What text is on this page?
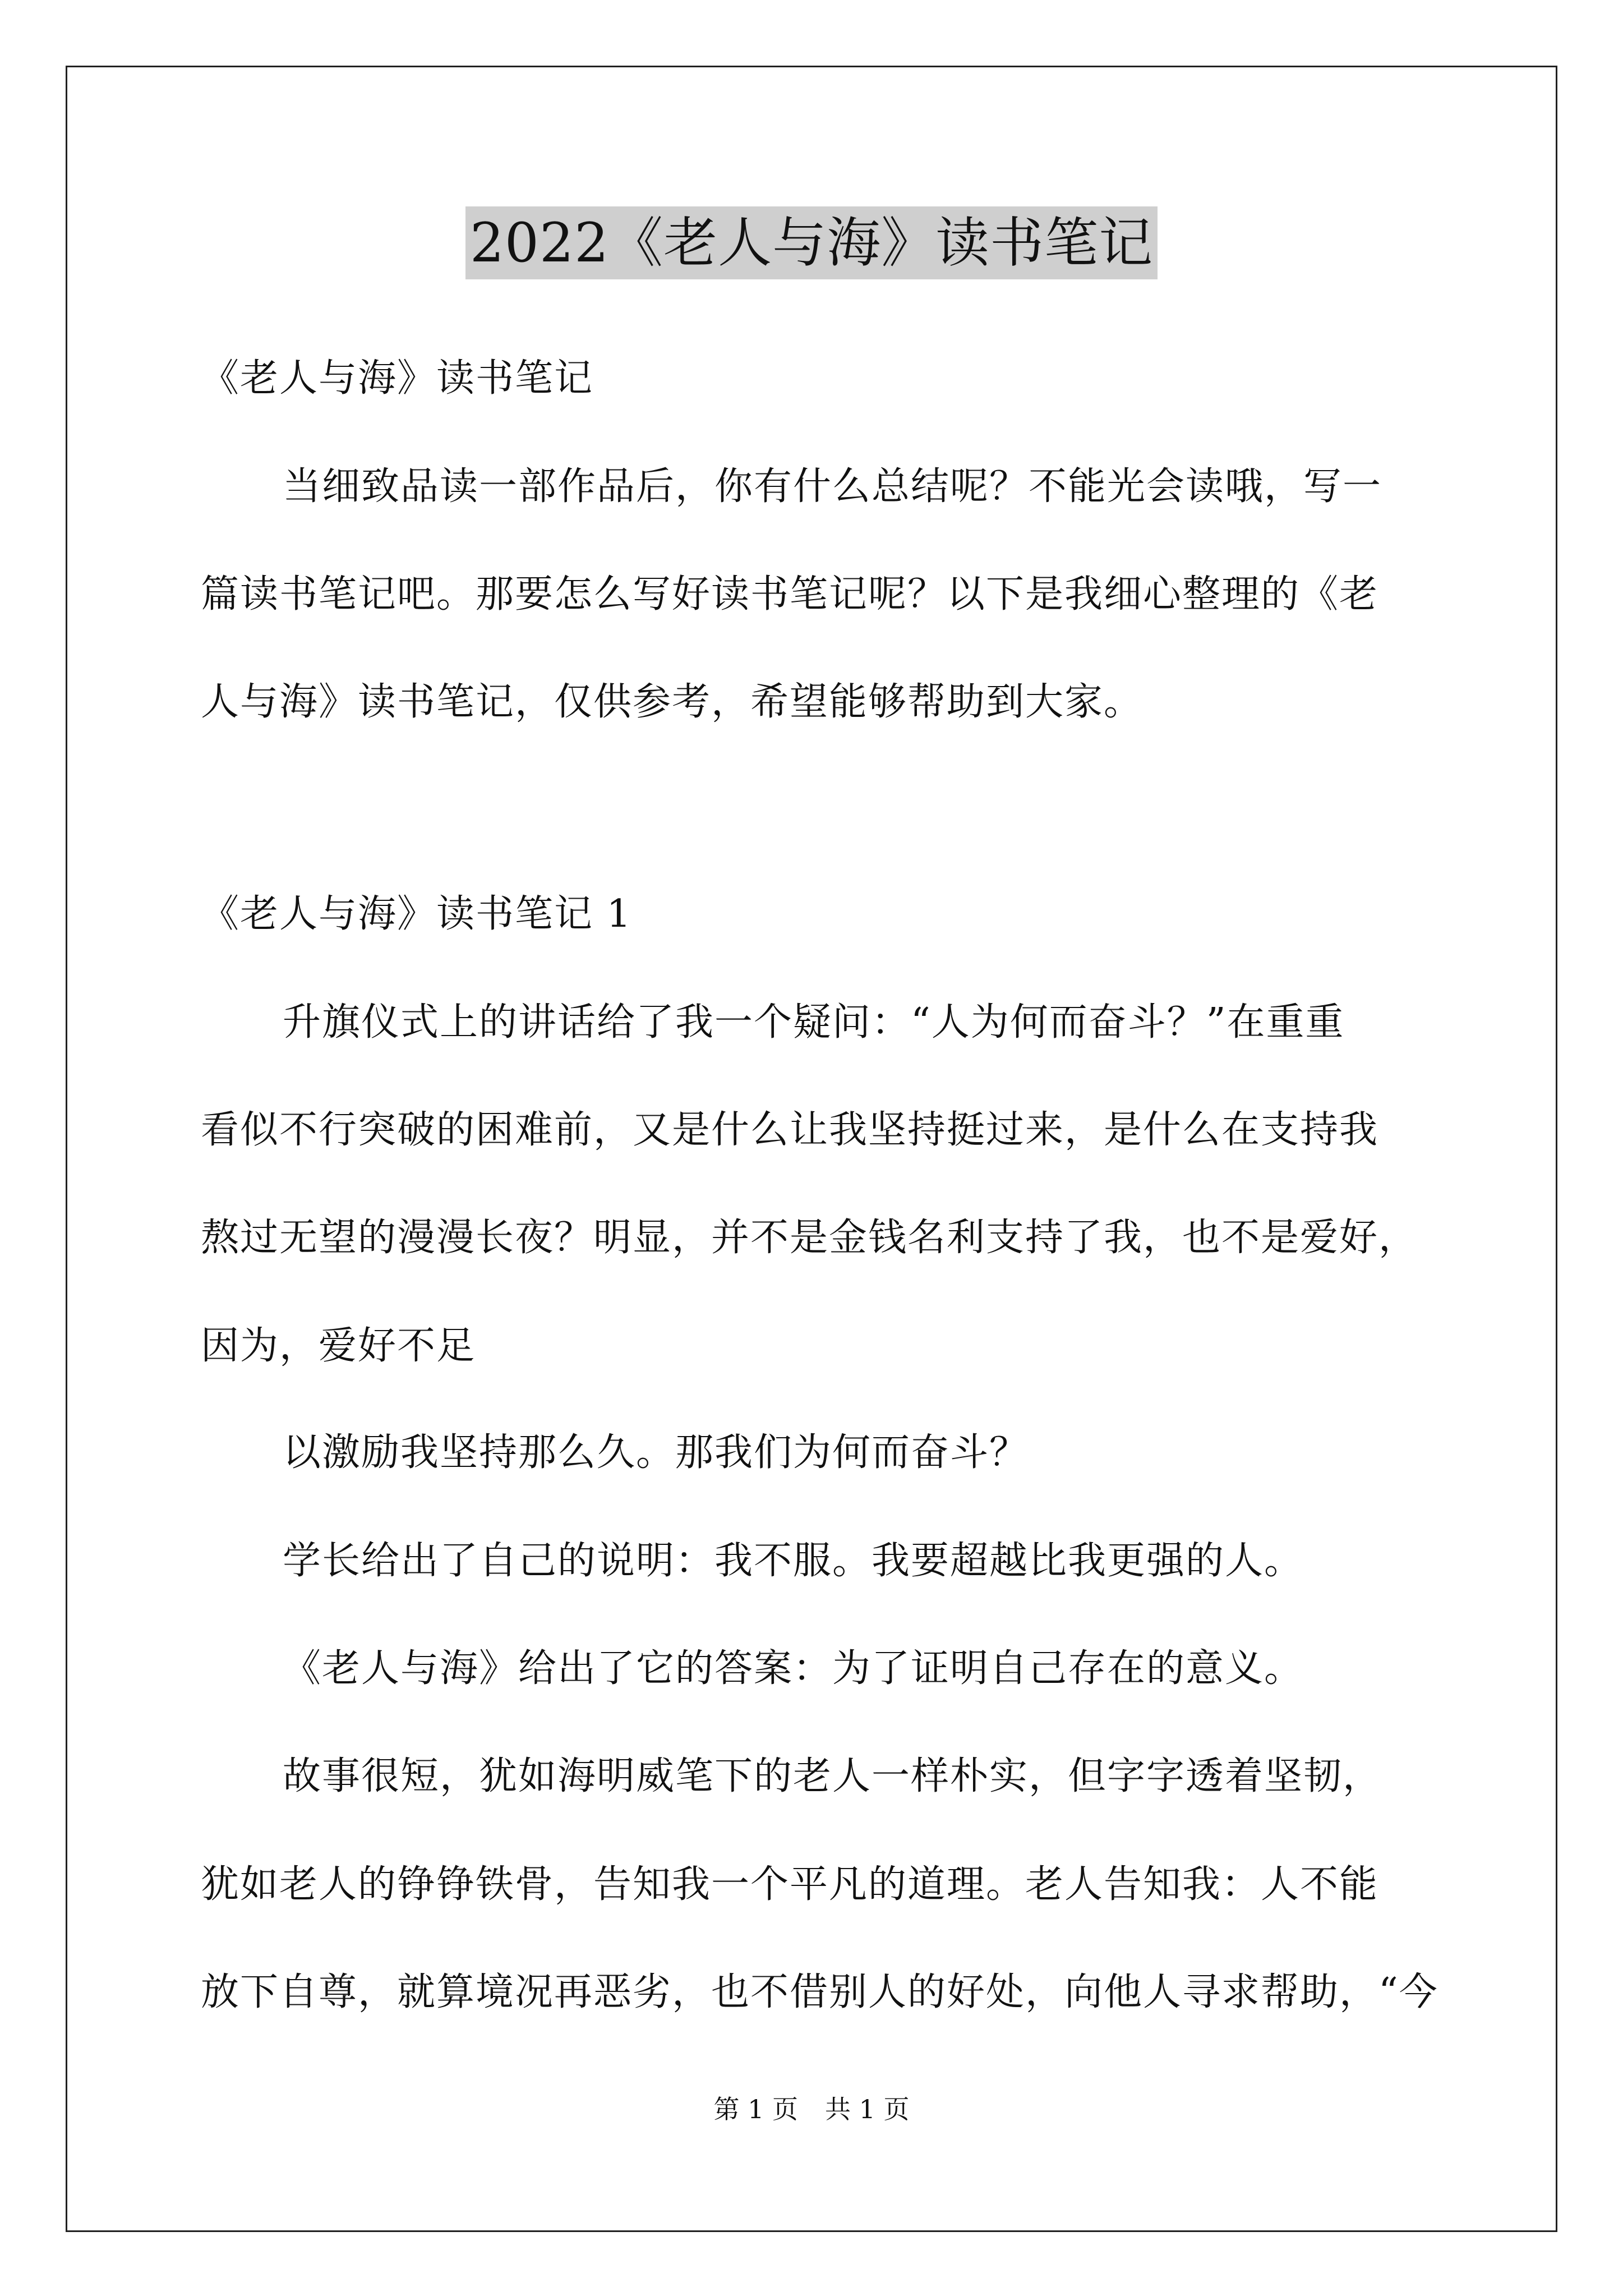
2022《老人与海》读书笔记
《老人与海》读书笔记
当细致品读一部作品后，你有什么总结呢？不能光会读哦，写一
篇读书笔记吧。那要怎么写好读书笔记呢？以下是我细心整理的《老
人与海》读书笔记，仅供参考，希望能够帮助到大家。
《老人与海》读书笔记 1
升旗仪式上的讲话给了我一个疑问：“人为何而奋斗？”在重重
看似不行突破的困难前，又是什么让我坚持挺过来，是什么在支持我
熬过无望的漫漫长夜？明显，并不是金钱名利支持了我，也不是爱好，
因为，爱好不足
以激励我坚持那么久。那我们为何而奋斗？
学长给出了自己的说明：我不服。我要超越比我更强的人。
《老人与海》给出了它的答案：为了证明自己存在的意义。
故事很短，犹如海明威笔下的老人一样朴实，但字字透着坚韧，
犹如老人的铮铮铁骨，告知我一个平凡的道理。老人告知我：人不能
放下自尊，就算境况再恶劣，也不借别人的好处，向他人寻求帮助，“今
第 1 页 共 1 页
